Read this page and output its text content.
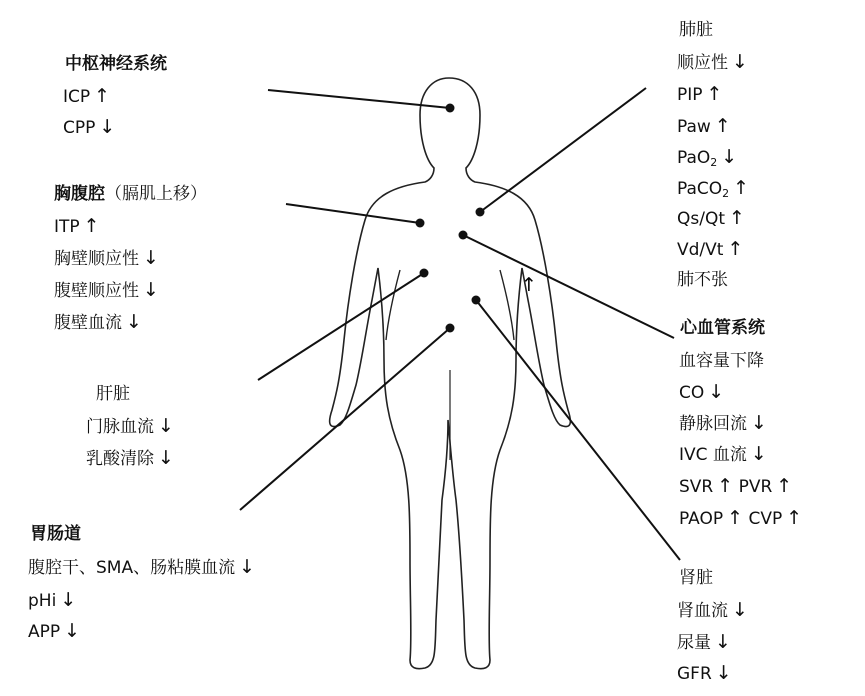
↑
中枢神经系统
ICP ↑
CPP ↓
胸腹腔（膈肌上移）
ITP ↑
胸壁顺应性 ↓
腹壁顺应性 ↓
腹壁血流 ↓
肝脏
门脉血流 ↓
乳酸清除 ↓
胃肠道
腹腔干、SMA、肠粘膜血流 ↓
pHi ↓
APP ↓
肺脏
顺应性 ↓
PIP ↑
Paw ↑
PaO$_2$ ↓
PaCO$_2$ ↑
Qs/Qt ↑
Vd/Vt ↑
肺不张
心血管系统
血容量下降
CO ↓
静脉回流 ↓
IVC 血流 ↓
SVR ↑ PVR ↑
PAOP ↑ CVP ↑
肾脏
肾血流 ↓
尿量 ↓
GFR ↓
